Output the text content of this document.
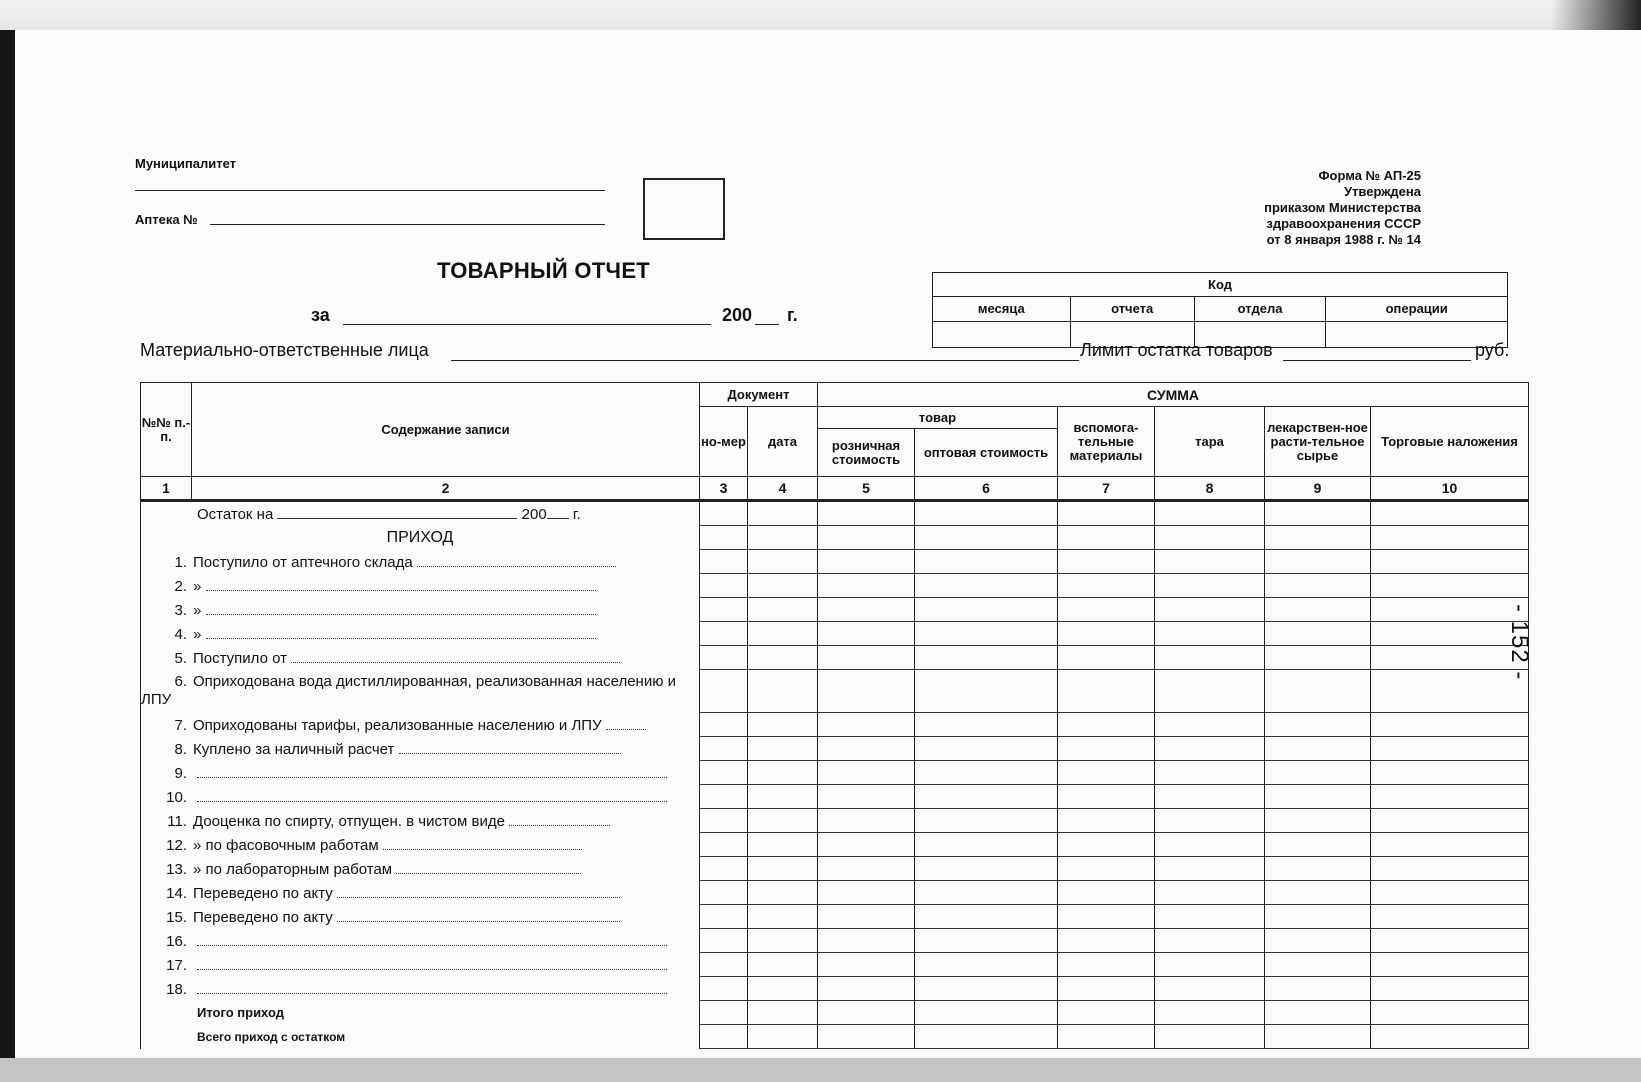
Муниципалитет
Аптека №
Форма № АП-25
Утверждена
приказом Министерства
здравоохранения СССР
от 8 января 1988 г. № 14
ТОВАРНЫЙ ОТЧЕТ
за	200 г.
Код			
месяца	отчета	отдела	операции

Материально-ответственные лица	Лимит остатка товаров	руб.
№№ п.-п.	Содержание записи	Документ		СУММА					
		но-мер	дата	товар		вспомога-тельные материалы	тара	лекарствен-ное расти-тельное сырье	Торговые наложения
				розничная стоимость	оптовая стоимость				
1	2	3	4	5	6	7	8	9	10
Остаток на 200 г.									

ПРИХОД									

1. Поступило от аптечного склада									
2. »									
3. »									
4. »									
5. Поступило от									
6. Оприходована вода дистиллированная, реализованная населению и ЛПУ									
7. Оприходованы тарифы, реализованные населению и ЛПУ									
8. Куплено за наличный расчет									
9.									
10.									
11. Дооценка по спирту, отпущен. в чистом виде									
12. » по фасовочным работам									
13. » по лабораторным работам									
14. Переведено по акту									
15. Переведено по акту									
16.									
17.									
18.									
Итого приход									
Всего приход с остатком									
- 152 -
